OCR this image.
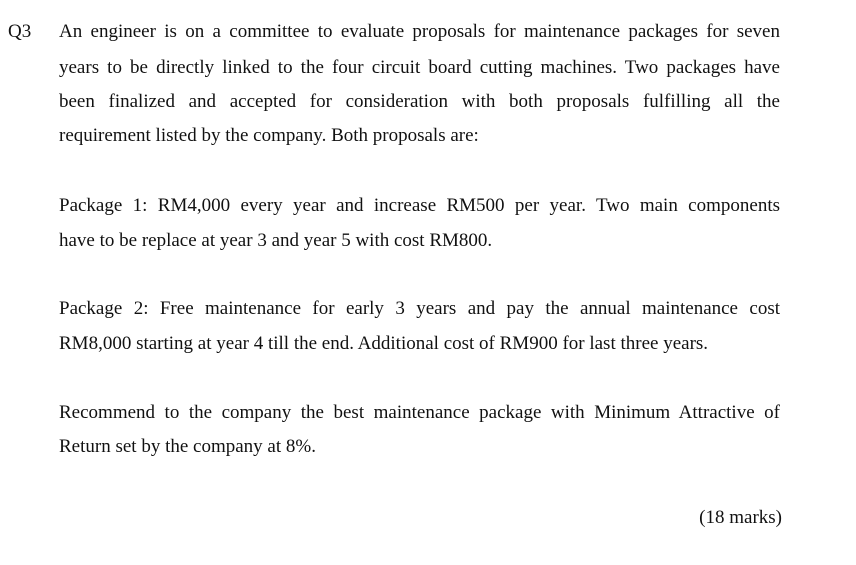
Q3 An engineer is on a committee to evaluate proposals for maintenance packages for seven
years to be directly linked to the four circuit board cutting machines. Two packages have
been finalized and accepted for consideration with both proposals fulfilling all the
requirement listed by the company. Both proposals are:
Package 1: RM4,000 every year and increase RM500 per year. Two main components
have to be replace at year 3 and year 5 with cost RM800.
Package 2: Free maintenance for early 3 years and pay the annual maintenance cost
RM8,000 starting at year 4 till the end. Additional cost of RM900 for last three years.
Recommend to the company the best maintenance package with Minimum Attractive of
Return set by the company at 8%.
(18 marks)
